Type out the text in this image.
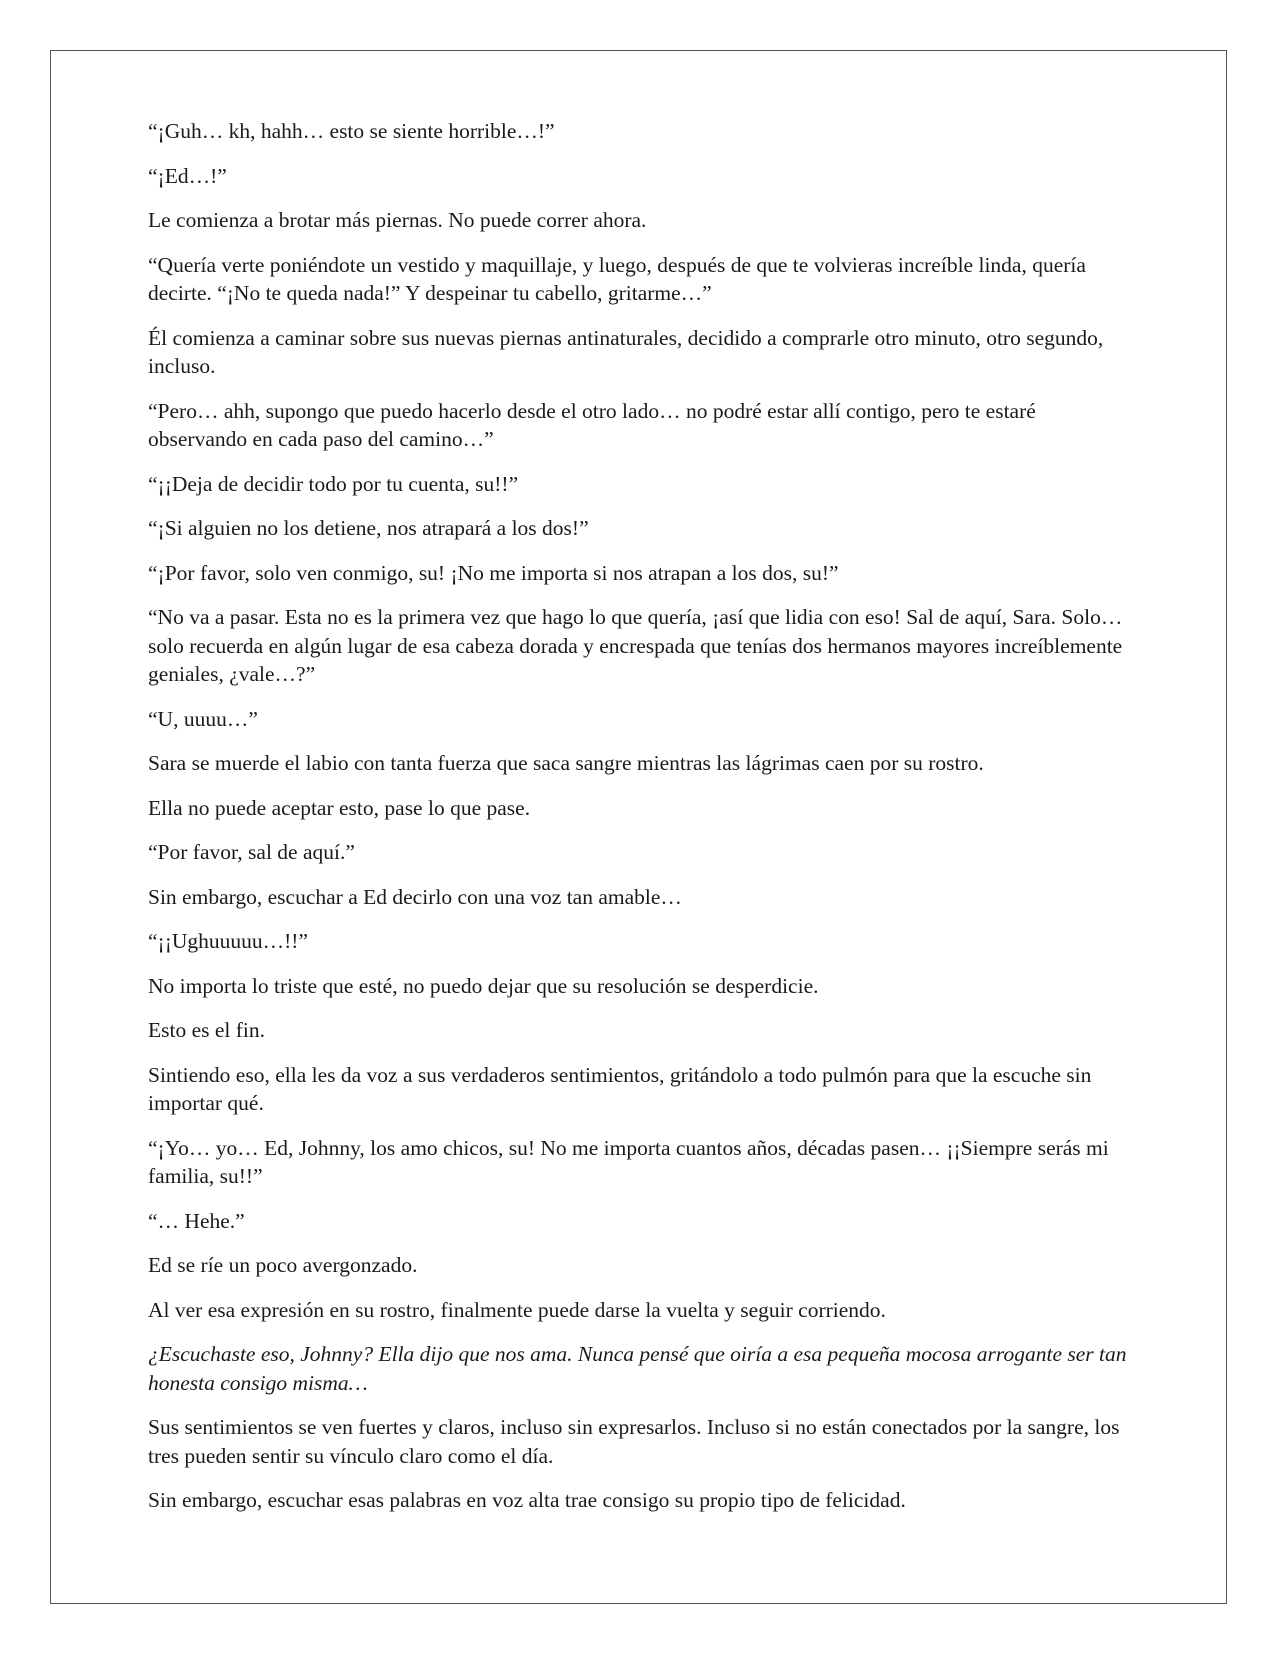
“¡Guh… kh, hahh… esto se siente horrible…!”

“¡Ed…!”

Le comienza a brotar más piernas. No puede correr ahora.

“Quería verte poniéndote un vestido y maquillaje, y luego, después de que te volvieras increíble linda, quería decirte. “¡No te queda nada!” Y despeinar tu cabello, gritarme…”

Él comienza a caminar sobre sus nuevas piernas antinaturales, decidido a comprarle otro minuto, otro segundo, incluso.

“Pero… ahh, supongo que puedo hacerlo desde el otro lado… no podré estar allí contigo, pero te estaré observando en cada paso del camino…”

“¡¡Deja de decidir todo por tu cuenta, su!!”

“¡Si alguien no los detiene, nos atrapará a los dos!”

“¡Por favor, solo ven conmigo, su! ¡No me importa si nos atrapan a los dos, su!”

“No va a pasar. Esta no es la primera vez que hago lo que quería, ¡así que lidia con eso! Sal de aquí, Sara. Solo… solo recuerda en algún lugar de esa cabeza dorada y encrespada que tenías dos hermanos mayores increíblemente geniales, ¿vale…?”

“U, uuuu…”

Sara se muerde el labio con tanta fuerza que saca sangre mientras las lágrimas caen por su rostro.

Ella no puede aceptar esto, pase lo que pase.

“Por favor, sal de aquí.”

Sin embargo, escuchar a Ed decirlo con una voz tan amable…

“¡¡Ughuuuuu…!!”

No importa lo triste que esté, no puedo dejar que su resolución se desperdicie.

Esto es el fin.

Sintiendo eso, ella les da voz a sus verdaderos sentimientos, gritándolo a todo pulmón para que la escuche sin importar qué.

“¡Yo… yo… Ed, Johnny, los amo chicos, su! No me importa cuantos años, décadas pasen… ¡¡Siempre serás mi familia, su!!”

“… Hehe.”

Ed se ríe un poco avergonzado.

Al ver esa expresión en su rostro, finalmente puede darse la vuelta y seguir corriendo.

¿Escuchaste eso, Johnny? Ella dijo que nos ama. Nunca pensé que oiría a esa pequeña mocosa arrogante ser tan honesta consigo misma…

Sus sentimientos se ven fuertes y claros, incluso sin expresarlos. Incluso si no están conectados por la sangre, los tres pueden sentir su vínculo claro como el día.

Sin embargo, escuchar esas palabras en voz alta trae consigo su propio tipo de felicidad.
